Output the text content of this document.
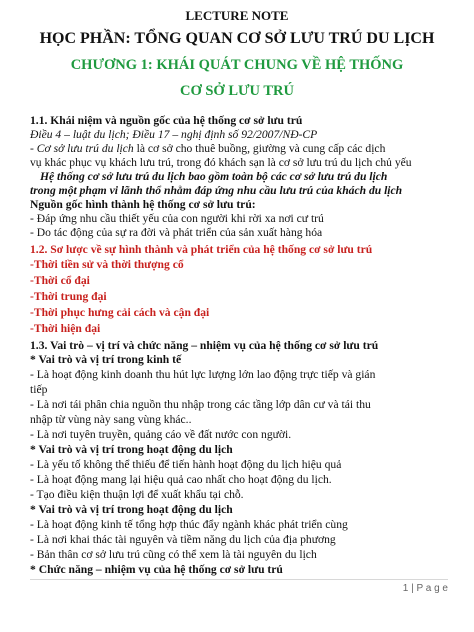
LECTURE NOTE
HỌC PHẦN: TỔNG QUAN CƠ SỞ LƯU TRÚ DU LỊCH
CHƯƠNG 1: KHÁI QUÁT CHUNG VỀ HỆ THỐNG
CƠ SỞ LƯU TRÚ
1.1. Khái niệm và nguồn gốc của hệ thống cơ sở lưu trú
Điều 4 – luật du lịch; Điều 17 – nghị định số 92/2007/NĐ-CP
- Cơ sở lưu trú du lịch là cơ sở cho thuê buồng, giường và cung cấp các dịch
vụ khác phục vụ khách lưu trú, trong đó khách sạn là cơ sở lưu trú du lịch chủ yếu
Hệ thống cơ sở lưu trú du lịch bao gồm toàn bộ các cơ sở lưu trú du lịch
trong một phạm vi lãnh thổ nhằm đáp ứng nhu cầu lưu trú của khách du lịch
Nguồn gốc hình thành hệ thống cơ sở lưu trú:
- Đáp ứng nhu cầu thiết yếu của con người khi rời xa nơi cư trú
- Do tác động của sự ra đời và phát triển của sản xuất hàng hóa
1.2. Sơ lược về sự hình thành và phát triển của hệ thống cơ sở lưu trú
-Thời tiền sử và thời thượng cổ
-Thời cổ đại
-Thời trung đại
-Thời phục hưng cải cách và cận đại
-Thời hiện đại
1.3. Vai trò – vị trí và chức năng – nhiệm vụ của hệ thống cơ sở lưu trú
* Vai trò và vị trí trong kinh tế
- Là hoạt động kinh doanh thu hút lực lượng lớn lao động trực tiếp và gián
tiếp
- Là nơi tái phân chia nguồn thu nhập trong các tầng lớp dân cư và tái thu
nhập từ vùng này sang vùng khác..
- Là nơi tuyên truyền, quảng cáo về đất nước con người.
* Vai trò và vị trí trong hoạt động du lịch
- Là yếu tố không thể thiếu để tiến hành hoạt động du lịch hiệu quả
- Là hoạt động mang lại hiệu quả cao nhất cho hoạt động du lịch.
- Tạo điều kiện thuận lợi để xuất khẩu tại chỗ.
* Vai trò và vị trí trong hoạt động du lịch
- Là hoạt động kinh tế tổng hợp thúc đẩy ngành khác phát triển cùng
- Là nơi khai thác tài nguyên và tiềm năng du lịch của địa phương
- Bản thân cơ sở lưu trú cũng có thể xem là tài nguyên du lịch
* Chức năng – nhiệm vụ của hệ thống cơ sở lưu trú
1 | P a g e
